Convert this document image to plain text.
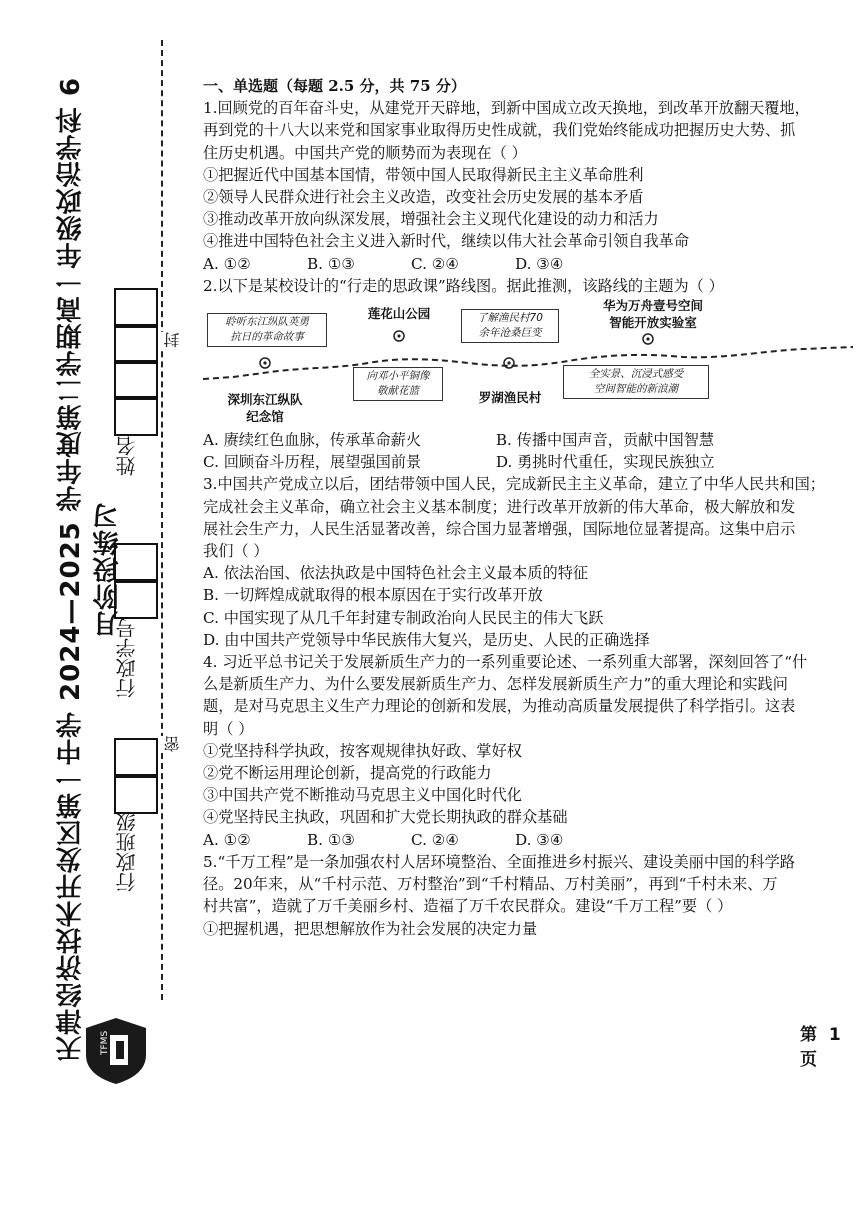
天津经济技术开发区第一中学 2024—2025 学年度第二学期高一年级政治学科 6 月阶段练习
封
密
姓名
行政学号
行政班级
TFMS
一、单选题（每题 2.5 分，共 75 分）
1.回顾党的百年奋斗史，从建党开天辟地，到新中国成立改天换地，到改革开放翻天覆地，
再到党的十八大以来党和国家事业取得历史性成就，我们党始终能成功把握历史大势、抓
住历史机遇。中国共产党的顺势而为表现在（ ）
①把握近代中国基本国情，带领中国人民取得新民主主义革命胜利
②领导人民群众进行社会主义改造，改变社会历史发展的基本矛盾
③推动改革开放向纵深发展，增强社会主义现代化建设的动力和活力
④推进中国特色社会主义进入新时代，继续以伟大社会革命引领自我革命
A. ①②	B. ①③	C. ②④	D. ③④
2.以下是某校设计的“行走的思政课”路线图。据此推测，该路线的主题为（ ）
聆听东江纵队英勇
抗日的革命故事
向邓小平铜像
敬献花篮
了解渔民村70
余年沧桑巨变
全实景、沉浸式感受
空间智能的新浪潮
深圳东江纵队
纪念馆
莲花山公园
罗湖渔民村
华为万舟壹号空间
智能开放实验室
A. 赓续红色血脉，传承革命薪火	B. 传播中国声音，贡献中国智慧
C. 回顾奋斗历程，展望强国前景	D. 勇挑时代重任，实现民族独立
3.中国共产党成立以后，团结带领中国人民，完成新民主主义革命，建立了中华人民共和国；
完成社会主义革命，确立社会主义基本制度；进行改革开放新的伟大革命，极大解放和发
展社会生产力，人民生活显著改善，综合国力显著增强，国际地位显著提高。这集中启示
我们（ ）
A. 依法治国、依法执政是中国特色社会主义最本质的特征
B. 一切辉煌成就取得的根本原因在于实行改革开放
C. 中国实现了从几千年封建专制政治向人民民主的伟大飞跃
D. 由中国共产党领导中华民族伟大复兴，是历史、人民的正确选择
4. 习近平总书记关于发展新质生产力的一系列重要论述、一系列重大部署，深刻回答了“什
么是新质生产力、为什么要发展新质生产力、怎样发展新质生产力”的重大理论和实践问
题，是对马克思主义生产力理论的创新和发展，为推动高质量发展提供了科学指引。这表
明（ ）
①党坚持科学执政，按客观规律执好政、掌好权
②党不断运用理论创新，提高党的行政能力
③中国共产党不断推动马克思主义中国化时代化
④党坚持民主执政，巩固和扩大党长期执政的群众基础
A. ①②	B. ①③	C. ②④	D. ③④
5.“千万工程”是一条加强农村人居环境整治、全面推进乡村振兴、建设美丽中国的科学路
径。20年来，从“千村示范、万村整治”到“千村精品、万村美丽”，再到“千村未来、万
村共富”，造就了万千美丽乡村、造福了万千农民群众。建设“千万工程”要（ ）
①把握机遇，把思想解放作为社会发展的决定力量
第 1 页
